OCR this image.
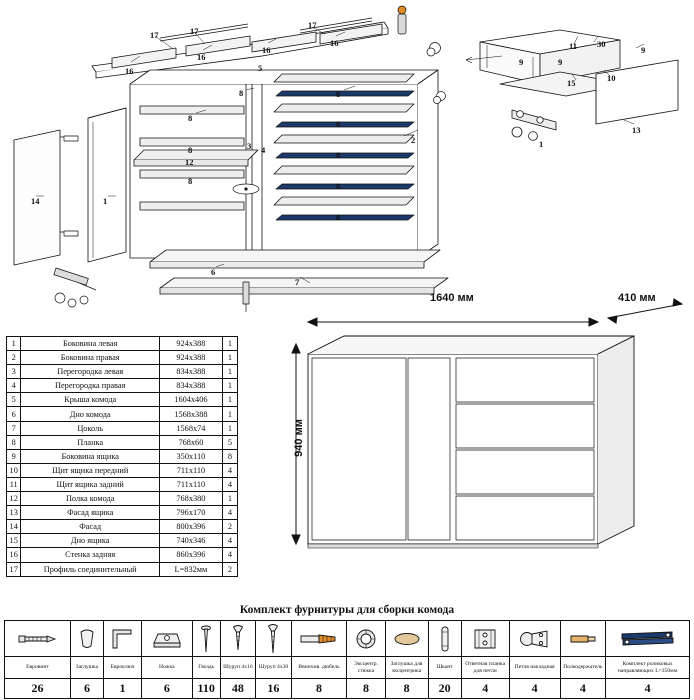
17	17
17
16
16
16
16
5
8
8	8
8
8
8
8
8
8
3 4
12
2
14	1
6
7
11 30
9	9
9
15	10
13
1
1	Боковина левая	924x388	1
2	Боковина правая	924x388	1
3	Перегородка левая	834x388	1
4	Перегородка правая	834x388	1
5	Крыша комода	1604x406	1
6	Дно комода	1568x388	1
7	Цоколь	1568x74	1
8	Планка	768x60	5
9	Боковина ящика	350x110	8
10	Щит ящика передний	711x110	4
11	Щит ящика задний	711x110	4
12	Полка комода	768x380	1
13	Фасад ящика	796x170	4
14	Фасад	800x396	2
15	Дно ящика	740x346	4
16	Стенка задняя	860x396	4
17	Профиль соединительный	L=832мм	2
1640 мм	410 мм
940 мм
Комплект фурнитуры для сборки комода

Евровинт	Заглушка	Евроключ	Ножка	Гвоздь	Шуруп 4х16	Шуруп 4х30	Ввинчив. дюбель	Эксцентр. стяжка	Заглушка для эксцентрика	Шкант	Ответная планка для петли	Петля накладная	Полкодержатель	Комплект роликовых направляющих L=350мм
26	6	1	6	110	48	16	8	8	8	20	4	4	4	4
